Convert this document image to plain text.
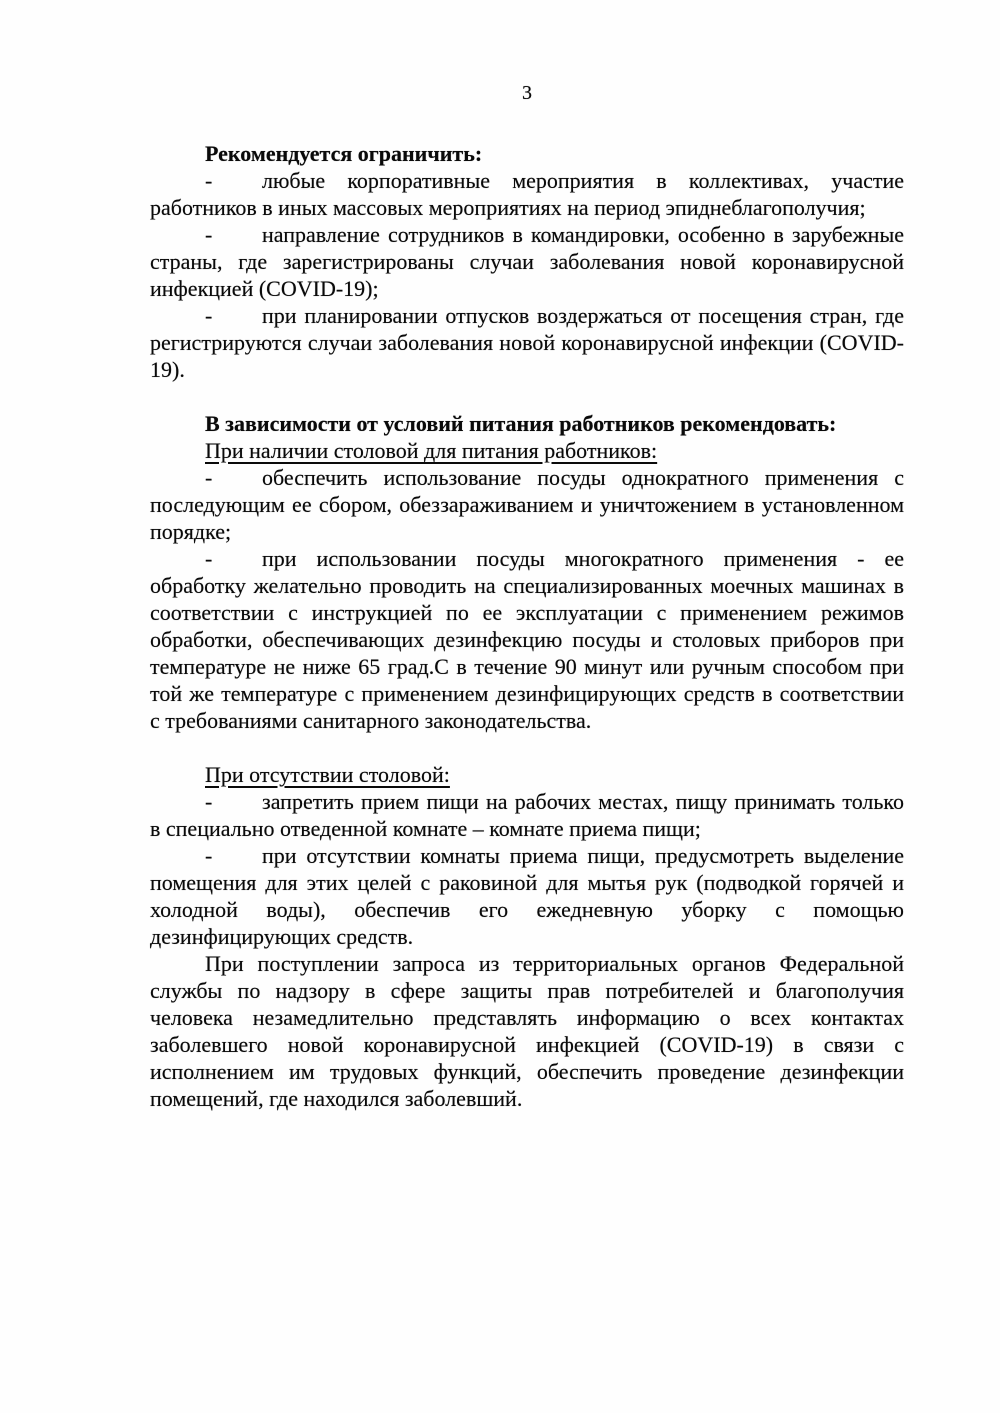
3

Рекомендуется ограничить:

- любые корпоративные мероприятия в коллективах, участие работников в иных массовых мероприятиях на период эпиднеблагополучия;

- направление сотрудников в командировки, особенно в зарубежные страны, где зарегистрированы случаи заболевания новой коронавирусной инфекцией (COVID-19);

- при планировании отпусков воздержаться от посещения стран, где регистрируются случаи заболевания новой коронавирусной инфекции (COVID-19).

В зависимости от условий питания работников рекомендовать:

При наличии столовой для питания работников:

- обеспечить использование посуды однократного применения с последующим ее сбором, обеззараживанием и уничтожением в установленном порядке;

- при использовании посуды многократного применения - ее обработку желательно проводить на специализированных моечных машинах в соответствии с инструкцией по ее эксплуатации с применением режимов обработки, обеспечивающих дезинфекцию посуды и столовых приборов при температуре не ниже 65 град.С в течение 90 минут или ручным способом при той же температуре с применением дезинфицирующих средств в соответствии с требованиями санитарного законодательства.

При отсутствии столовой:

- запретить прием пищи на рабочих местах, пищу принимать только в специально отведенной комнате – комнате приема пищи;

- при отсутствии комнаты приема пищи, предусмотреть выделение помещения для этих целей с раковиной для мытья рук (подводкой горячей и холодной воды), обеспечив его ежедневную уборку с помощью дезинфицирующих средств.

При поступлении запроса из территориальных органов Федеральной службы по надзору в сфере защиты прав потребителей и благополучия человека незамедлительно представлять информацию о всех контактах заболевшего новой коронавирусной инфекцией (COVID-19) в связи с исполнением им трудовых функций, обеспечить проведение дезинфекции помещений, где находился заболевший.
